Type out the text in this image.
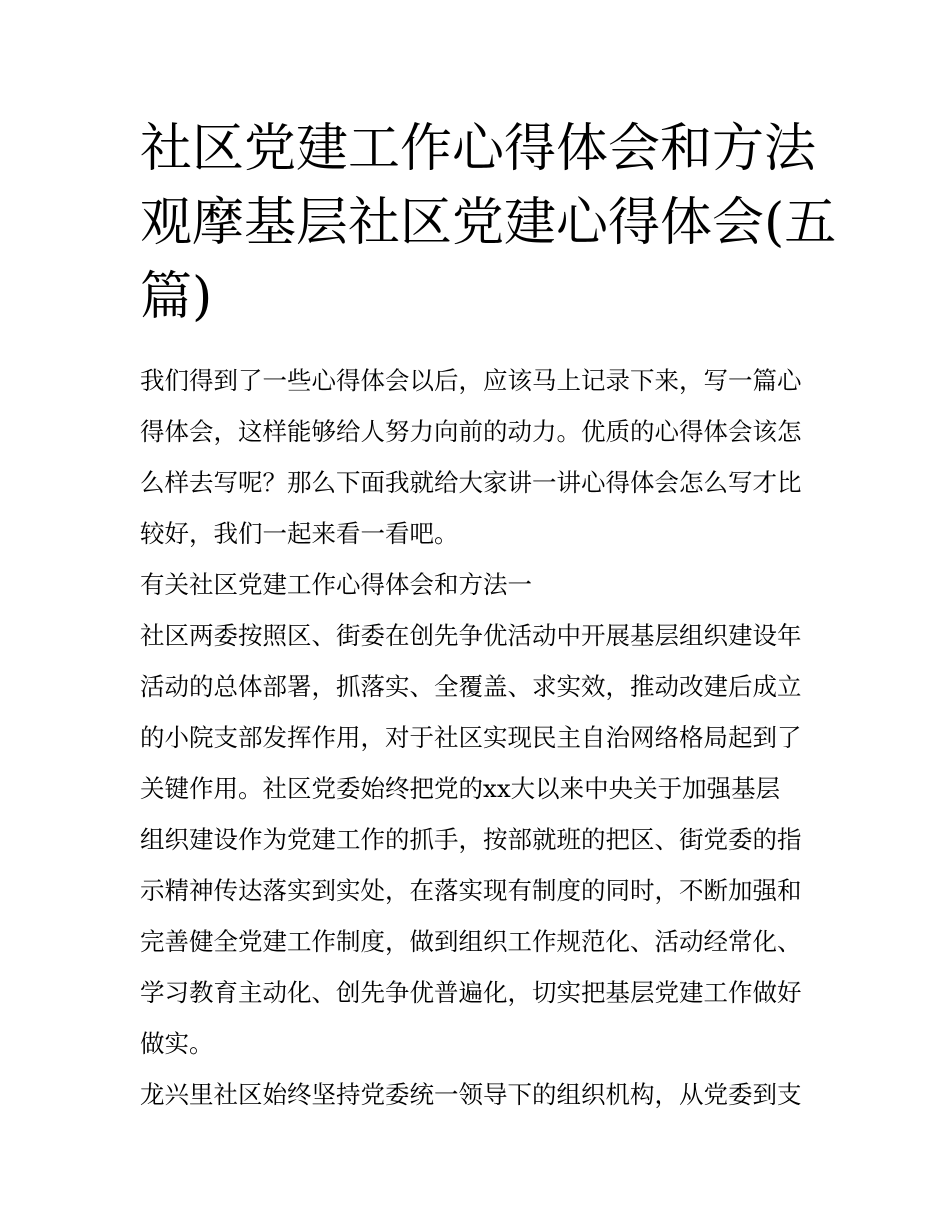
社区党建工作心得体会和方法
观摩基层社区党建心得体会(五
篇)
我们得到了一些心得体会以后，应该马上记录下来，写一篇心
得体会，这样能够给人努力向前的动力。优质的心得体会该怎
么样去写呢？那么下面我就给大家讲一讲心得体会怎么写才比
较好，我们一起来看一看吧。
有关社区党建工作心得体会和方法一
社区两委按照区、街委在创先争优活动中开展基层组织建设年
活动的总体部署，抓落实、全覆盖、求实效，推动改建后成立
的小院支部发挥作用，对于社区实现民主自治网络格局起到了
关键作用。社区党委始终把党的xx大以来中央关于加强基层
组织建设作为党建工作的抓手，按部就班的把区、街党委的指
示精神传达落实到实处，在落实现有制度的同时，不断加强和
完善健全党建工作制度，做到组织工作规范化、活动经常化、
学习教育主动化、创先争优普遍化，切实把基层党建工作做好
做实。
龙兴里社区始终坚持党委统一领导下的组织机构，从党委到支
